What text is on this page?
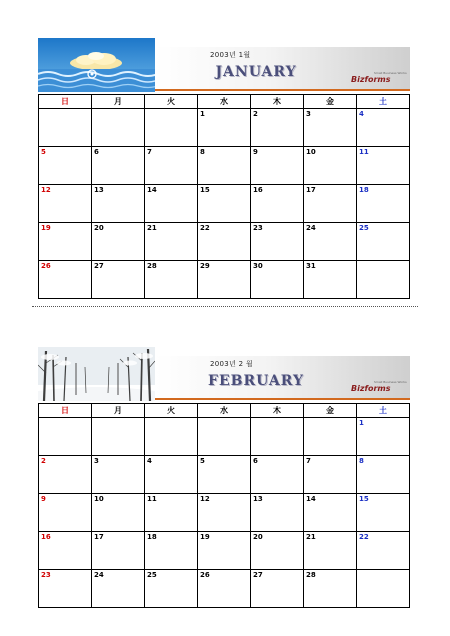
2003년 1월
JANUARY	Small Business Works
Bizforms
日	月	火	水	木	金	土

			1	2	3	4

5	6	7	8	9	10	11

12	13	14	15	16	17	18

19	20	21	22	23	24	25

26	27	28	29	30	31	

2003년 2 월
FEBRUARY	Small Business Works
Bizforms
日	月	火	水	木	金	土

						1

2	3	4	5	6	7	8

9	10	11	12	13	14	15

16	17	18	19	20	21	22

23	24	25	26	27	28	
